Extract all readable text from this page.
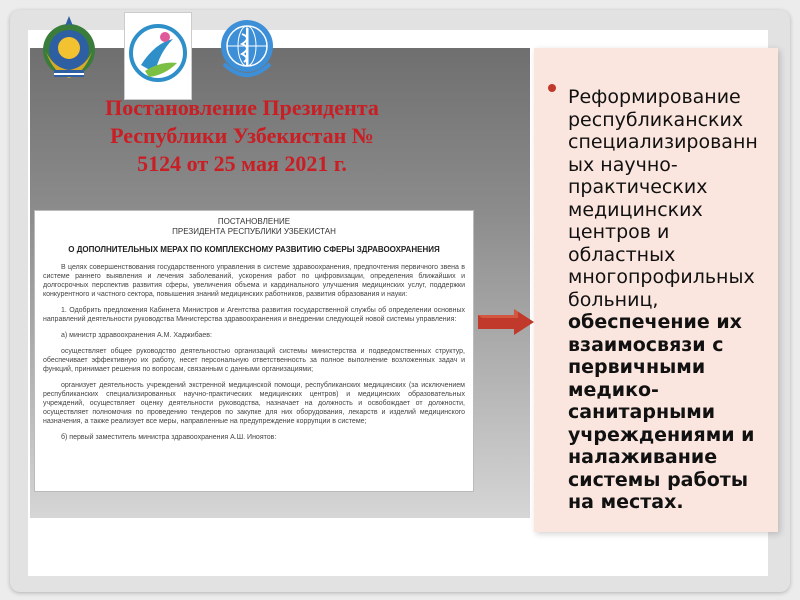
Постановление Президента
Республики Узбекистан №
5124 от 25 мая 2021 г.
ПОСТАНОВЛЕНИЕ
ПРЕЗИДЕНТА РЕСПУБЛИКИ УЗБЕКИСТАН
О ДОПОЛНИТЕЛЬНЫХ МЕРАХ ПО КОМПЛЕКСНОМУ РАЗВИТИЮ СФЕРЫ ЗДРАВООХРАНЕНИЯ

В целях совершенствования государственного управления в системе здравоохранения, предпочтения первичного звена в системе раннего выявления и лечения заболеваний, ускорения работ по цифровизации, определения ближайших и долгосрочных перспектив развития сферы, увеличения объема и кардинального улучшения медицинских услуг, поддержки конкурентного и частного сектора, повышения знаний медицинских работников, развития образования и науки:

1. Одобрить предложения Кабинета Министров и Агентства развития государственной службы об определении основных направлений деятельности руководства Министерства здравоохранения и внедрении следующей новой системы управления:

а) министр здравоохранения А.М. Хаджибаев:

осуществляет общее руководство деятельностью организаций системы министерства и подведомственных структур, обеспечивает эффективную их работу, несет персональную ответственность за полное выполнение возложенных задач и функций, принимает решения по вопросам, связанным с данными организациями;

организует деятельность учреждений экстренной медицинской помощи, республиканских медицинских (за исключением республиканских специализированных научно-практических медицинских центров) и медицинских образовательных учреждений, осуществляет оценку деятельности руководства, назначает на должность и освобождает от должности, осуществляет полномочия по проведению тендеров по закупке для них оборудования, лекарств и изделий медицинского назначения, а также реализует все меры, направленные на предупреждение коррупции в системе;

б) первый заместитель министра здравоохранения А.Ш. Иноятов:

Реформирование республиканских специализированн ых научно-практических медицинских центров и областных многопрофильных больниц, обеспечение их взаимосвязи с первичными медико-санитарными учреждениями и налаживание системы работы на местах.
